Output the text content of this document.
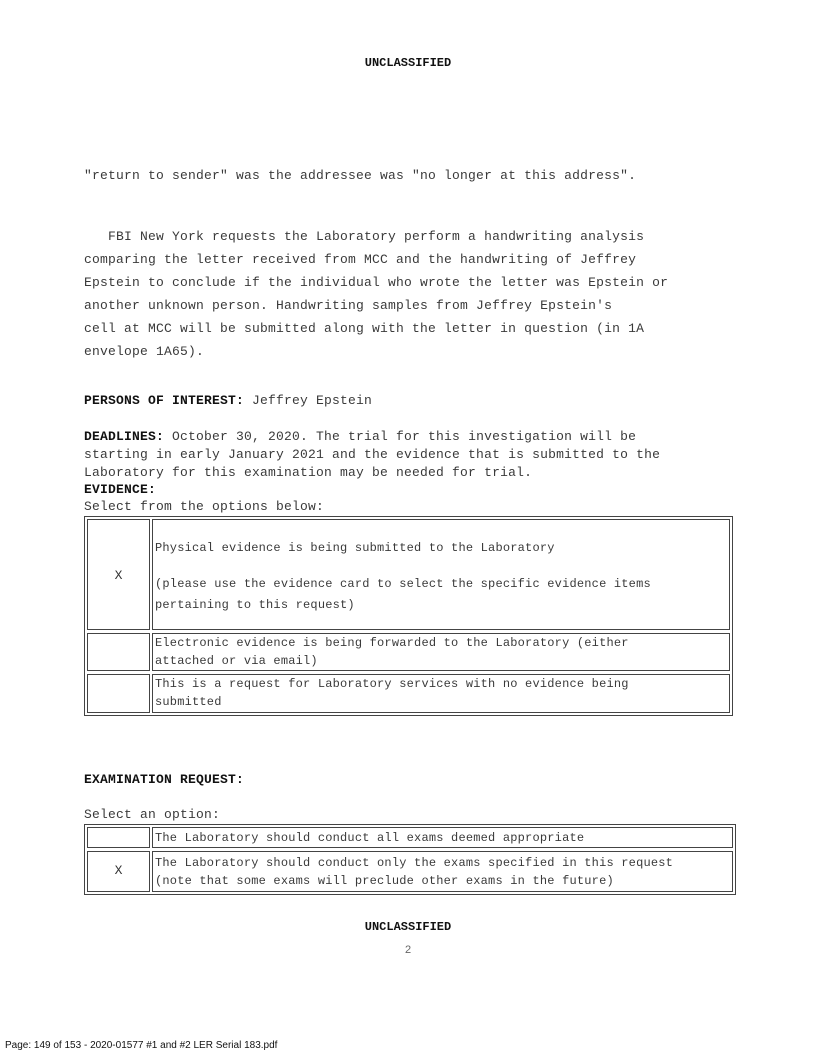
UNCLASSIFIED
"return to sender" was the addressee was "no longer at this address".

FBI New York requests the Laboratory perform a handwriting analysis
comparing the letter received from MCC and the handwriting of Jeffrey
Epstein to conclude if the individual who wrote the letter was Epstein or
another unknown person. Handwriting samples from Jeffrey Epstein's
cell at MCC will be submitted along with the letter in question (in 1A
envelope 1A65).

PERSONS OF INTEREST: Jeffrey Epstein

DEADLINES: October 30, 2020. The trial for this investigation will be
starting in early January 2021 and the evidence that is submitted to the
Laboratory for this examination may be needed for trial.

EVIDENCE:
Select from the options below:
X
Physical evidence is being submitted to the Laboratory
(please use the evidence card to select the specific evidence items
pertaining to this request)
Electronic evidence is being forwarded to the Laboratory (either
attached or via email)
This is a request for Laboratory services with no evidence being
submitted
EXAMINATION REQUEST:
Select an option:
The Laboratory should conduct all exams deemed appropriate
X	The Laboratory should conduct only the exams specified in this request
(note that some exams will preclude other exams in the future)
UNCLASSIFIED
2
Page: 149 of 153 - 2020-01577 #1 and #2 LER Serial 183.pdf
